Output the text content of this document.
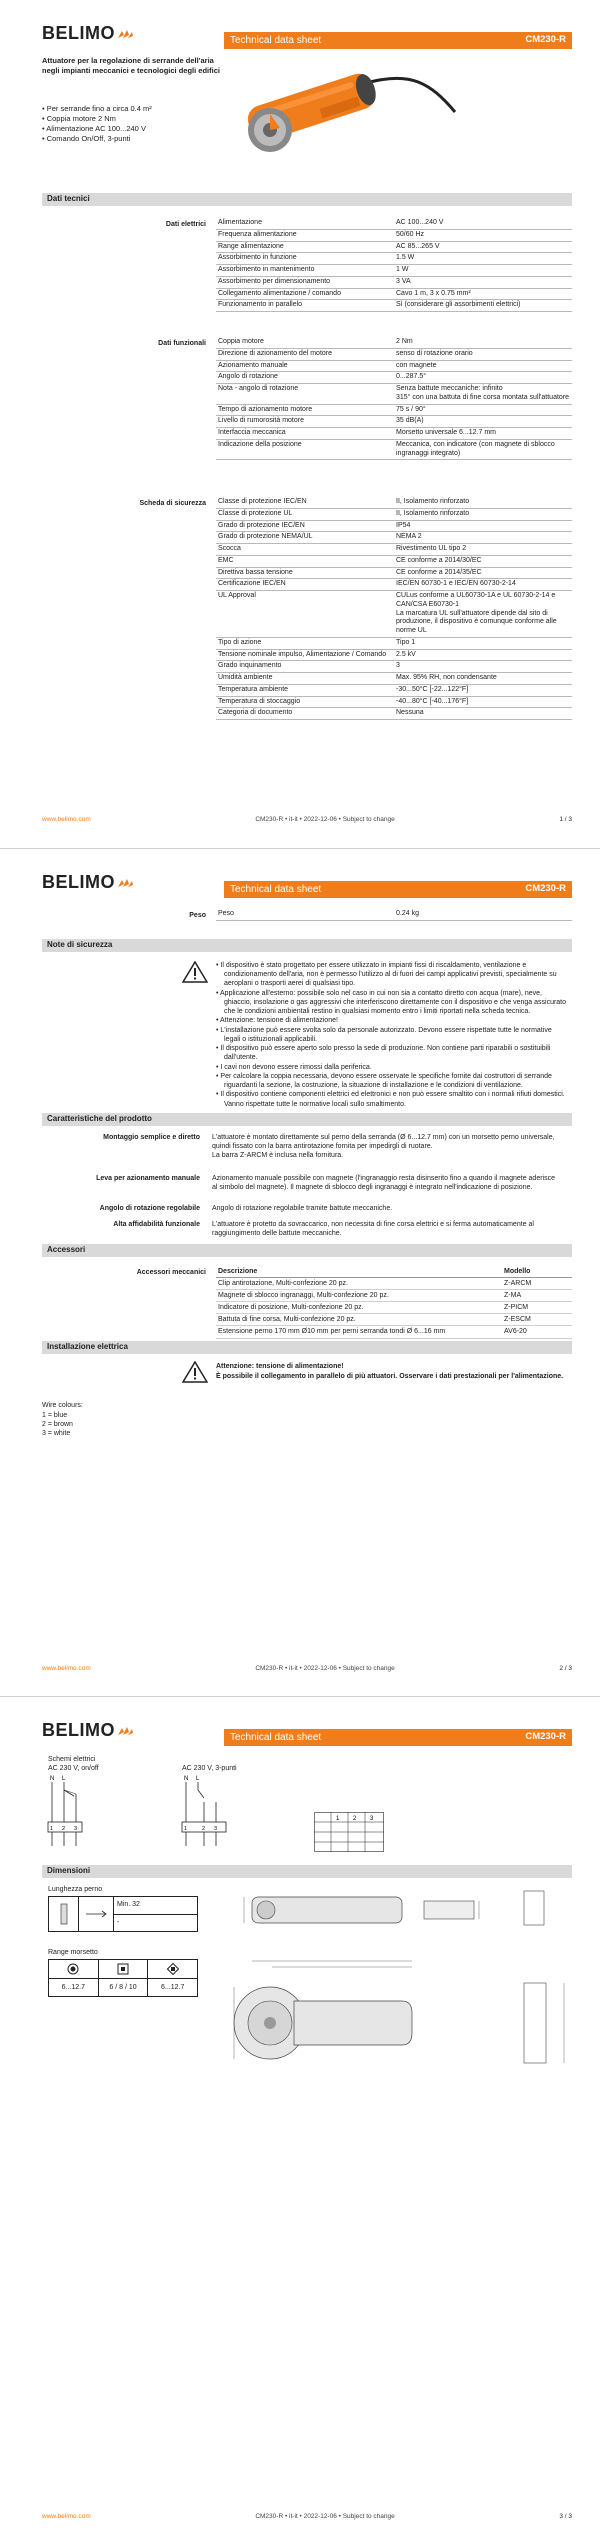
BELIMO	Technical data sheet	CM230-R
Attuatore per la regolazione di serrande dell'aria negli impianti meccanici e tecnologici degli edifici
• Per serrande fino a circa 0.4 m²
• Coppia motore 2 Nm
• Alimentazione AC 100...240 V
• Comando On/Off, 3-punti
Dati tecnici
Dati elettrici
Dati funzionali
Scheda di sicurezza
Alimentazione	AC 100...240 V
Frequenza alimentazione	50/60 Hz
Range alimentazione	AC 85...265 V
Assorbimento in funzione	1.5 W
Assorbimento in mantenimento	1 W
Assorbimento per dimensionamento	3 VA
Collegamento alimentazione / comando	Cavo 1 m, 3 x 0.75 mm²
Funzionamento in parallelo	Sì (considerare gli assorbimenti elettrici)
Coppia motore	2 Nm
Direzione di azionamento del motore	senso di rotazione orario
Azionamento manuale	con magnete
Angolo di rotazione	0...287.5°
Nota - angolo di rotazione	Senza battute meccaniche: infinito
315° con una battuta di fine corsa montata sull'attuatore
Tempo di azionamento motore	75 s / 90°
Livello di rumorosità motore	35 dB(A)
Interfaccia meccanica	Morsetto universale 6...12.7 mm
Indicazione della posizione	Meccanica, con indicatore (con magnete di sblocco ingranaggi integrato)
Classe di protezione IEC/EN	II, Isolamento rinforzato
Classe di protezione UL	II, Isolamento rinforzato
Grado di protezione IEC/EN	IP54
Grado di protezione NEMA/UL	NEMA 2
Scocca	Rivestimento UL tipo 2
EMC	CE conforme a 2014/30/EC
Direttiva bassa tensione	CE conforme a 2014/35/EC
Certificazione IEC/EN	IEC/EN 60730-1 e IEC/EN 60730-2-14
UL Approval	CULus conforme a UL60730-1A e UL 60730-2-14 e CAN/CSA E60730-1
La marcatura UL sull'attuatore dipende dal sito di produzione, il dispositivo è comunque conforme alle norme UL
Tipo di azione	Tipo 1
Tensione nominale impulso, Alimentazione / Comando	2.5 kV
Grado inquinamento	3
Umidità ambiente	Max. 95% RH, non condensante
Temperatura ambiente	-30...50°C [-22...122°F]
Temperatura di stoccaggio	-40...80°C [-40...176°F]
Categoria di documento	Nessuna
www.belimo.com	CM230-R • it-it • 2022-12-06 • Subject to change	1 / 3
BELIMO	Technical data sheet	CM230-R
Peso Peso	0.24 kg
Note di sicurezza
• Il dispositivo è stato progettato per essere utilizzato in impianti fissi di riscaldamento, ventilazione e condizionamento dell'aria, non è permesso l'utilizzo al di fuori dei campi applicativi previsti, specialmente su aeroplani o trasporti aerei di qualsiasi tipo.
• Applicazione all'esterno: possibile solo nel caso in cui non sia a contatto diretto con acqua (mare), neve, ghiaccio, insolazione o gas aggressivi che interferiscono direttamente con il dispositivo e che venga assicurato che le condizioni ambientali restino in qualsiasi momento entro i limiti riportati nella scheda tecnica.
• Attenzione: tensione di alimentazione!
• L'installazione può essere svolta solo da personale autorizzato. Devono essere rispettate tutte le normative legali o istituzionali applicabili.
• Il dispositivo può essere aperto solo presso la sede di produzione. Non contiene parti riparabili o sostituibili dall'utente.
• I cavi non devono essere rimossi dalla periferica.
• Per calcolare la coppia necessaria, devono essere osservate le specifiche fornite dai costruttori di serrande riguardanti la sezione, la costruzione, la situazione di installazione e le condizioni di ventilazione.
• Il dispositivo contiene componenti elettrici ed elettronici e non può essere smaltito con i normali rifiuti domestici. Vanno rispettate tutte le normative locali sullo smaltimento.
Caratteristiche del prodotto
Montaggio semplice e diretto	L'attuatore è montato direttamente sul perno della serranda (Ø 6...12.7 mm) con un morsetto perno universale, quindi fissato con la barra antirotazione fornita per impedirgli di ruotare.
La barra Z-ARCM è inclusa nella fornitura.
Leva per azionamento manuale	Azionamento manuale possibile con magnete (l'ingranaggio resta disinserito fino a quando il magnete aderisce al simbolo del magnete). Il magnete di sblocco degli ingranaggi è integrato nell'indicazione di posizione.
Angolo di rotazione regolabile	Angolo di rotazione regolabile tramite battute meccaniche.
Alta affidabilità funzionale	L'attuatore è protetto da sovraccarico, non necessita di fine corsa elettrici e si ferma automaticamente al raggiungimento delle battute meccaniche.
Accessori
Accessori meccanici Descrizione	Modello
Clip antirotazione, Multi-confezione 20 pz.	Z-ARCM
Magnete di sblocco ingranaggi, Multi-confezione 20 pz.	Z-MA
Indicatore di posizione, Multi-confezione 20 pz.	Z-PICM
Battuta di fine corsa, Multi-confezione 20 pz.	Z-ESCM
Estensione perno 170 mm Ø10 mm per perni serranda tondi Ø 6...16 mm	AV6-20
Installazione elettrica
Attenzione: tensione di alimentazione!
È possibile il collegamento in parallelo di più attuatori. Osservare i dati prestazionali per l'alimentazione.
Wire colours:
1 = blue
2 = brown
3 = white
www.belimo.com	CM230-R • it-it • 2022-12-06 • Subject to change	2 / 3
BELIMO	Technical data sheet	CM230-R
Schemi elettrici
AC 230 V, on/off	AC 230 V, 3-punti
N L
1 2 3
N L
1	2 3
1 2 3
Dimensioni
Lunghezza perno
Min. 32
-
Range morsetto
6...12.7	6 / 8 / 10	6...12.7
www.belimo.com	CM230-R • it-it • 2022-12-06 • Subject to change	3 / 3
